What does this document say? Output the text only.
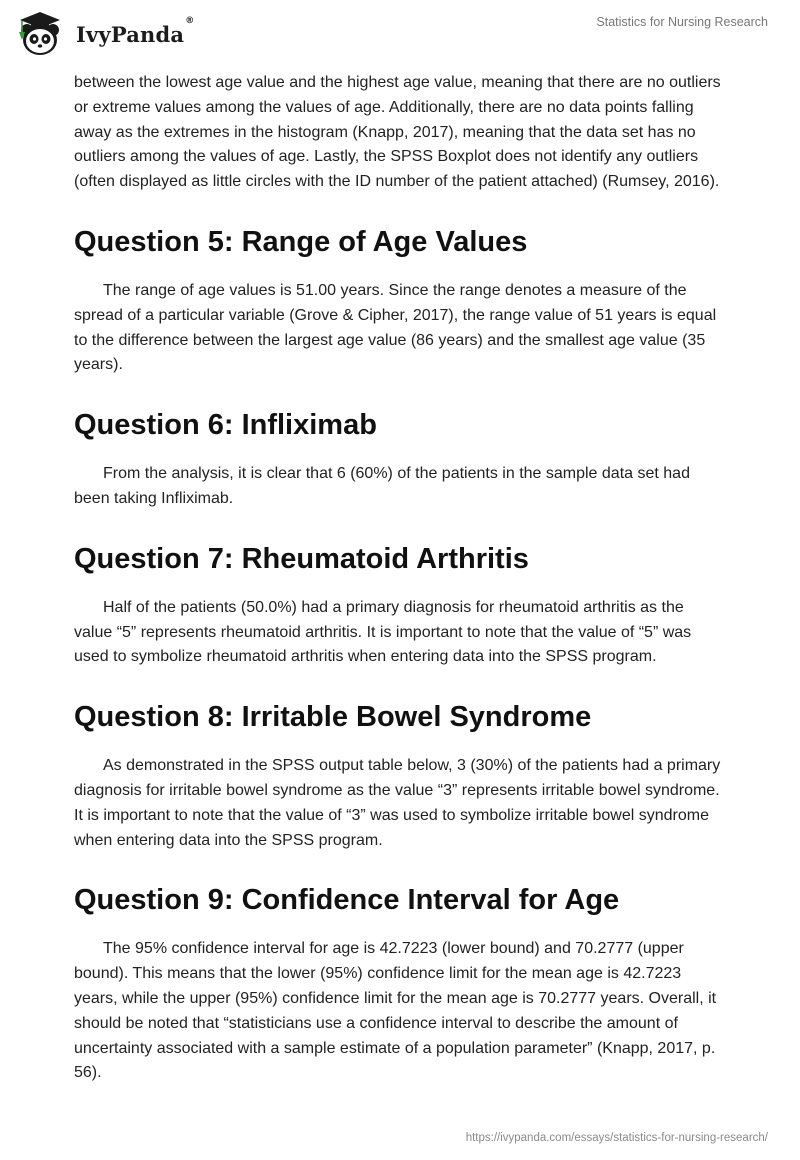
IvyPanda®	Statistics for Nursing Research

between the lowest age value and the highest age value, meaning that there are no outliers or extreme values among the values of age. Additionally, there are no data points falling away as the extremes in the histogram (Knapp, 2017), meaning that the data set has no outliers among the values of age. Lastly, the SPSS Boxplot does not identify any outliers (often displayed as little circles with the ID number of the patient attached) (Rumsey, 2016).

Question 5: Range of Age Values

The range of age values is 51.00 years. Since the range denotes a measure of the spread of a particular variable (Grove & Cipher, 2017), the range value of 51 years is equal to the difference between the largest age value (86 years) and the smallest age value (35 years).

Question 6: Infliximab

From the analysis, it is clear that 6 (60%) of the patients in the sample data set had been taking Infliximab.

Question 7: Rheumatoid Arthritis

Half of the patients (50.0%) had a primary diagnosis for rheumatoid arthritis as the value “5” represents rheumatoid arthritis. It is important to note that the value of “5” was used to symbolize rheumatoid arthritis when entering data into the SPSS program.

Question 8: Irritable Bowel Syndrome

As demonstrated in the SPSS output table below, 3 (30%) of the patients had a primary diagnosis for irritable bowel syndrome as the value “3” represents irritable bowel syndrome. It is important to note that the value of “3” was used to symbolize irritable bowel syndrome when entering data into the SPSS program.

Question 9: Confidence Interval for Age

The 95% confidence interval for age is 42.7223 (lower bound) and 70.2777 (upper bound). This means that the lower (95%) confidence limit for the mean age is 42.7223 years, while the upper (95%) confidence limit for the mean age is 70.2777 years. Overall, it should be noted that “statisticians use a confidence interval to describe the amount of uncertainty associated with a sample estimate of a population parameter” (Knapp, 2017, p. 56).

https://ivypanda.com/essays/statistics-for-nursing-research/
